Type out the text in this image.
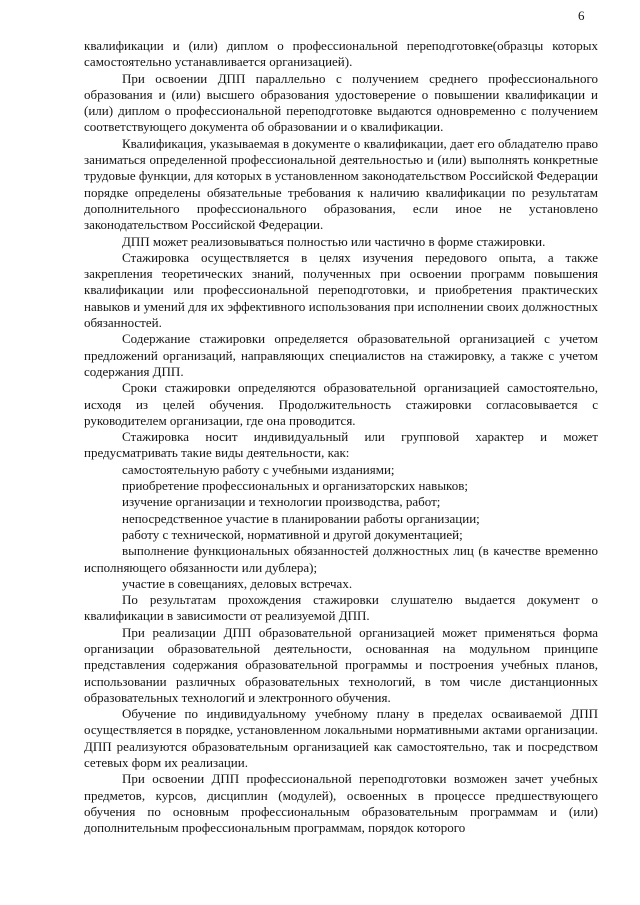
6

квалификации и (или) диплом о профессиональной переподготовке(образцы которых самостоятельно устанавливается организацией).

При освоении ДПП параллельно с получением среднего профессионального образования и (или) высшего образования удостоверение о повышении квалификации и (или) диплом о профессиональной переподготовке выдаются одновременно с получением соответствующего документа об образовании и о квалификации.

Квалификация, указываемая в документе о квалификации, дает его обладателю право заниматься определенной профессиональной деятельностью и (или) выполнять конкретные трудовые функции, для которых в установленном законодательством Российской Федерации порядке определены обязательные требования к наличию квалификации по результатам дополнительного профессионального образования, если иное не установлено законодательством Российской Федерации.

ДПП может реализовываться полностью или частично в форме стажировки.

Стажировка осуществляется в целях изучения передового опыта, а также закрепления теоретических знаний, полученных при освоении программ повышения квалификации или профессиональной переподготовки, и приобретения практических навыков и умений для их эффективного использования при исполнении своих должностных обязанностей.

Содержание стажировки определяется образовательной организацией с учетом предложений организаций, направляющих специалистов на стажировку, а также с учетом содержания ДПП.

Сроки стажировки определяются образовательной организацией самостоятельно, исходя из целей обучения. Продолжительность стажировки согласовывается с руководителем организации, где она проводится.

Стажировка носит индивидуальный или групповой характер и может предусматривать такие виды деятельности, как:

самостоятельную работу с учебными изданиями;

приобретение профессиональных и организаторских навыков;

изучение организации и технологии производства, работ;

непосредственное участие в планировании работы организации;

работу с технической, нормативной и другой документацией;

выполнение функциональных обязанностей должностных лиц (в качестве временно исполняющего обязанности или дублера);

участие в совещаниях, деловых встречах.

По результатам прохождения стажировки слушателю выдается документ о квалификации в зависимости от реализуемой ДПП.

При реализации ДПП образовательной организацией может применяться форма организации образовательной деятельности, основанная на модульном принципе представления содержания образовательной программы и построения учебных планов, использовании различных образовательных технологий, в том числе дистанционных образовательных технологий и электронного обучения.

Обучение по индивидуальному учебному плану в пределах осваиваемой ДПП осуществляется в порядке, установленном локальными нормативными актами организации. ДПП реализуются образовательным организацией как самостоятельно, так и посредством сетевых форм их реализации.

При освоении ДПП профессиональной переподготовки возможен зачет учебных предметов, курсов, дисциплин (модулей), освоенных в процессе предшествующего обучения по основным профессиональным образовательным программам и (или) дополнительным профессиональным программам, порядок которого
